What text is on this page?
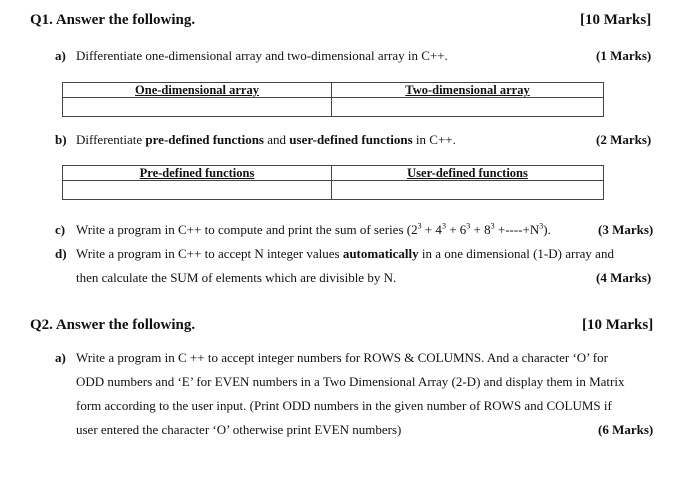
Q1. Answer the following.	[10 Marks]
a) Differentiate one-dimensional array and two-dimensional array in C++.	(1 Marks)
One-dimensional array	Two-dimensional array

b) Differentiate pre-defined functions and user-defined functions in C++.	(2 Marks)
Pre-defined functions	User-defined functions

c) Write a program in C++ to compute and print the sum of series $(2^3 + 4^3 + 6^3 + 8^3 +----+N^3)$.	(3 Marks)
d) Write a program in C++ to accept N integer values automatically in a one dimensional (1-D) array and
then calculate the SUM of elements which are divisible by N.	(4 Marks)
Q2. Answer the following.	[10 Marks]
a) Write a program in C ++ to accept integer numbers for ROWS & COLUMNS. And a character ‘O’ for
ODD numbers and ‘E’ for EVEN numbers in a Two Dimensional Array (2-D) and display them in Matrix
form according to the user input. (Print ODD numbers in the given number of ROWS and COLUMS if
user entered the character ‘O’ otherwise print EVEN numbers)	(6 Marks)
